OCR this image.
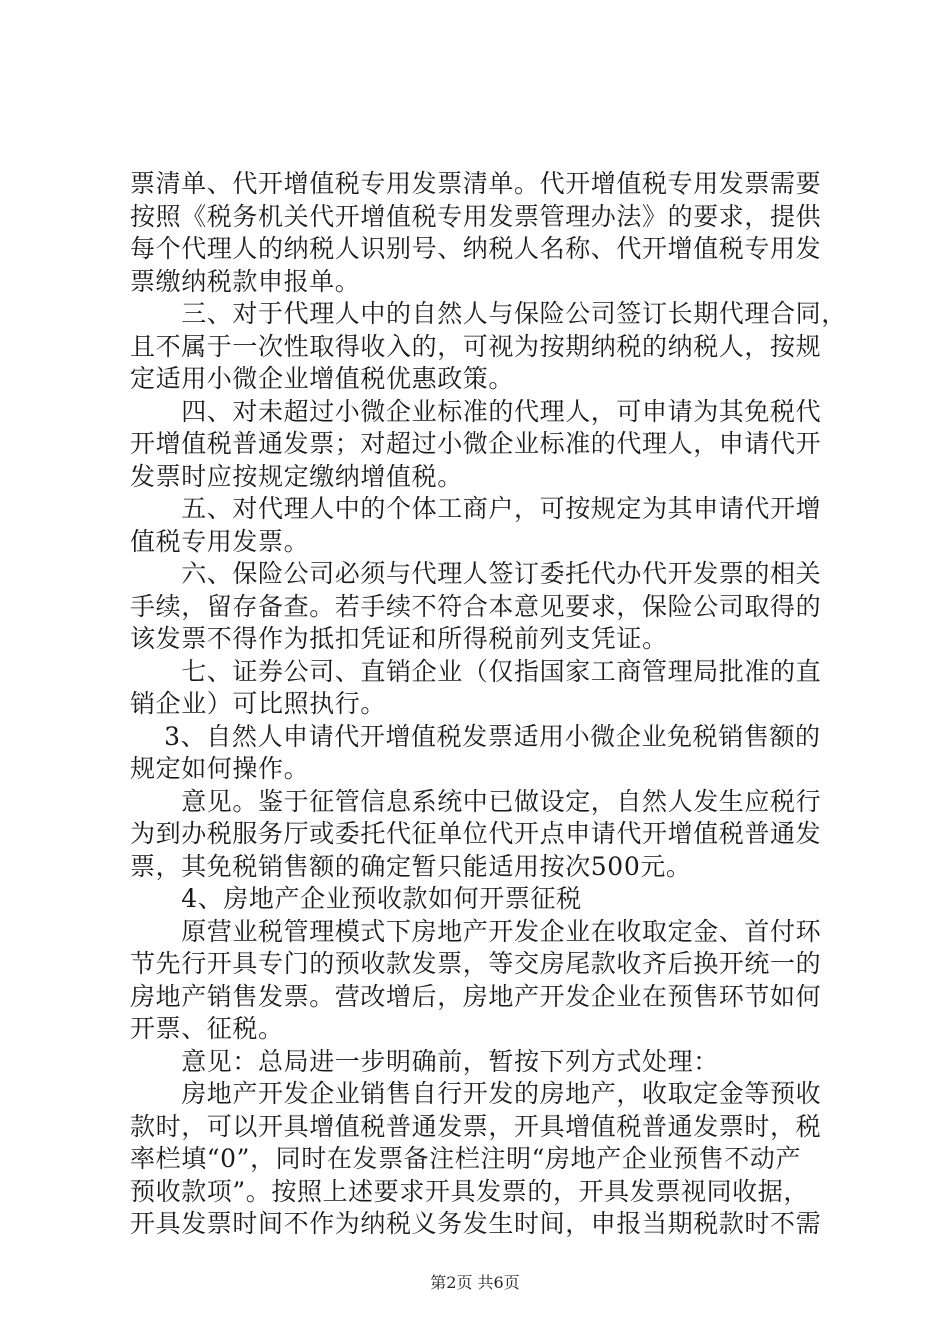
票清单、代开增值税专用发票清单。代开增值税专用发票需要
按照《税务机关代开增值税专用发票管理办法》的要求，提供
每个代理人的纳税人识别号、纳税人名称、代开增值税专用发
票缴纳税款申报单。
　　三、对于代理人中的自然人与保险公司签订长期代理合同，
且不属于一次性取得收入的，可视为按期纳税的纳税人，按规
定适用小微企业增值税优惠政策。
　　四、对未超过小微企业标准的代理人，可申请为其免税代
开增值税普通发票；对超过小微企业标准的代理人，申请代开
发票时应按规定缴纳增值税。
　　五、对代理人中的个体工商户，可按规定为其申请代开增
值税专用发票。
　　六、保险公司必须与代理人签订委托代办代开发票的相关
手续，留存备查。若手续不符合本意见要求，保险公司取得的
该发票不得作为抵扣凭证和所得税前列支凭证。
　　七、证券公司、直销企业（仅指国家工商管理局批准的直
销企业）可比照执行。
　 3、自然人申请代开增值税发票适用小微企业免税销售额的
规定如何操作。
　　意见。鉴于征管信息系统中已做设定，自然人发生应税行
为到办税服务厅或委托代征单位代开点申请代开增值税普通发
票，其免税销售额的确定暂只能适用按次500元。
　　4、房地产企业预收款如何开票征税
　　原营业税管理模式下房地产开发企业在收取定金、首付环
节先行开具专门的预收款发票，等交房尾款收齐后换开统一的
房地产销售发票。营改增后，房地产开发企业在预售环节如何
开票、征税。
　　意见：总局进一步明确前，暂按下列方式处理：
　　房地产开发企业销售自行开发的房地产，收取定金等预收
款时，可以开具增值税普通发票，开具增值税普通发票时，税
率栏填“0”，同时在发票备注栏注明“房地产企业预售不动产
预收款项”。按照上述要求开具发票的，开具发票视同收据，
开具发票时间不作为纳税义务发生时间，申报当期税款时不需
第2页 共6页
